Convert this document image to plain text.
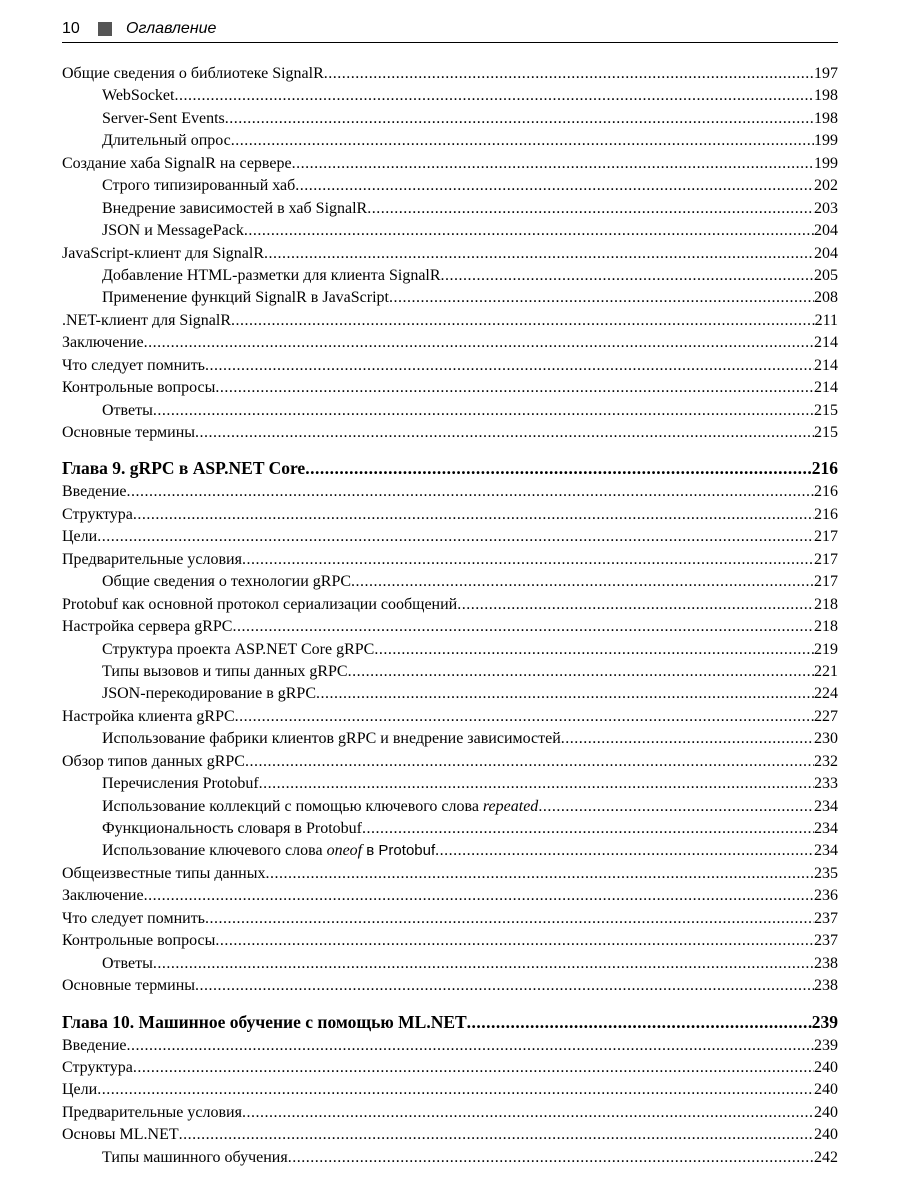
10	Оглавление
Общие сведения о библиотеке SignalR .....	197
WebSocket .....	198
Server-Sent Events .....	198
Длительный опрос .....	199
Создание хаба SignalR на сервере .....	199
Строго типизированный хаб .....	202
Внедрение зависимостей в хаб SignalR .....	203
JSON и MessagePack .....	204
JavaScript-клиент для SignalR .....	204
Добавление HTML-разметки для клиента SignalR .....	205
Применение функций SignalR в JavaScript .....	208
.NET-клиент для SignalR .....	211
Заключение .....	214
Что следует помнить .....	214
Контрольные вопросы .....	214
Ответы .....	215
Основные термины .....	215
Глава 9. gRPC в ASP.NET Core .....	216
Введение .....	216
Структура .....	216
Цели .....	217
Предварительные условия .....	217
Общие сведения о технологии gRPC .....	217
Protobuf как основной протокол сериализации сообщений .....	218
Настройка сервера gRPC .....	218
Структура проекта ASP.NET Core gRPC .....	219
Типы вызовов и типы данных gRPC .....	221
JSON-перекодирование в gRPC .....	224
Настройка клиента gRPC .....	227
Использование фабрики клиентов gRPC и внедрение зависимостей .....	230
Обзор типов данных gRPC .....	232
Перечисления Protobuf .....	233
Использование коллекций с помощью ключевого слова repeated .....	234
Функциональность словаря в Protobuf .....	234
Использование ключевого слова oneof в Protobuf .....	234
Общеизвестные типы данных .....	235
Заключение .....	236
Что следует помнить .....	237
Контрольные вопросы .....	237
Ответы .....	238
Основные термины .....	238
Глава 10. Машинное обучение с помощью ML.NET .....	239
Введение .....	239
Структура .....	240
Цели .....	240
Предварительные условия .....	240
Основы ML.NET .....	240
Типы машинного обучения .....	242
